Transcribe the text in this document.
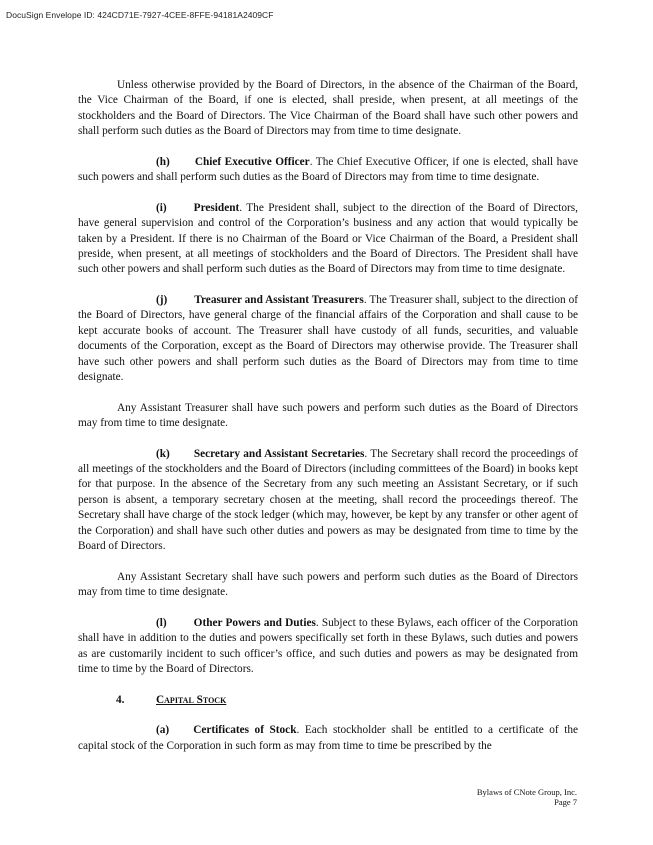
DocuSign Envelope ID: 424CD71E-7927-4CEE-8FFE-94181A2409CF

Unless otherwise provided by the Board of Directors, in the absence of the Chairman of the Board, the Vice Chairman of the Board, if one is elected, shall preside, when present, at all meetings of the stockholders and the Board of Directors. The Vice Chairman of the Board shall have such other powers and shall perform such duties as the Board of Directors may from time to time designate.

(h) Chief Executive Officer. The Chief Executive Officer, if one is elected, shall have such powers and shall perform such duties as the Board of Directors may from time to time designate.

(i) President. The President shall, subject to the direction of the Board of Directors, have general supervision and control of the Corporation’s business and any action that would typically be taken by a President. If there is no Chairman of the Board or Vice Chairman of the Board, a President shall preside, when present, at all meetings of stockholders and the Board of Directors. The President shall have such other powers and shall perform such duties as the Board of Directors may from time to time designate.

(j) Treasurer and Assistant Treasurers. The Treasurer shall, subject to the direction of the Board of Directors, have general charge of the financial affairs of the Corporation and shall cause to be kept accurate books of account. The Treasurer shall have custody of all funds, securities, and valuable documents of the Corporation, except as the Board of Directors may otherwise provide. The Treasurer shall have such other powers and shall perform such duties as the Board of Directors may from time to time designate.

Any Assistant Treasurer shall have such powers and perform such duties as the Board of Directors may from time to time designate.

(k) Secretary and Assistant Secretaries. The Secretary shall record the proceedings of all meetings of the stockholders and the Board of Directors (including committees of the Board) in books kept for that purpose. In the absence of the Secretary from any such meeting an Assistant Secretary, or if such person is absent, a temporary secretary chosen at the meeting, shall record the proceedings thereof. The Secretary shall have charge of the stock ledger (which may, however, be kept by any transfer or other agent of the Corporation) and shall have such other duties and powers as may be designated from time to time by the Board of Directors.

Any Assistant Secretary shall have such powers and perform such duties as the Board of Directors may from time to time designate.

(l) Other Powers and Duties. Subject to these Bylaws, each officer of the Corporation shall have in addition to the duties and powers specifically set forth in these Bylaws, such duties and powers as are customarily incident to such officer’s office, and such duties and powers as may be designated from time to time by the Board of Directors.

4.	Capital Stock

(a) Certificates of Stock. Each stockholder shall be entitled to a certificate of the capital stock of the Corporation in such form as may from time to time be prescribed by the

Bylaws of CNote Group, Inc.
Page 7
